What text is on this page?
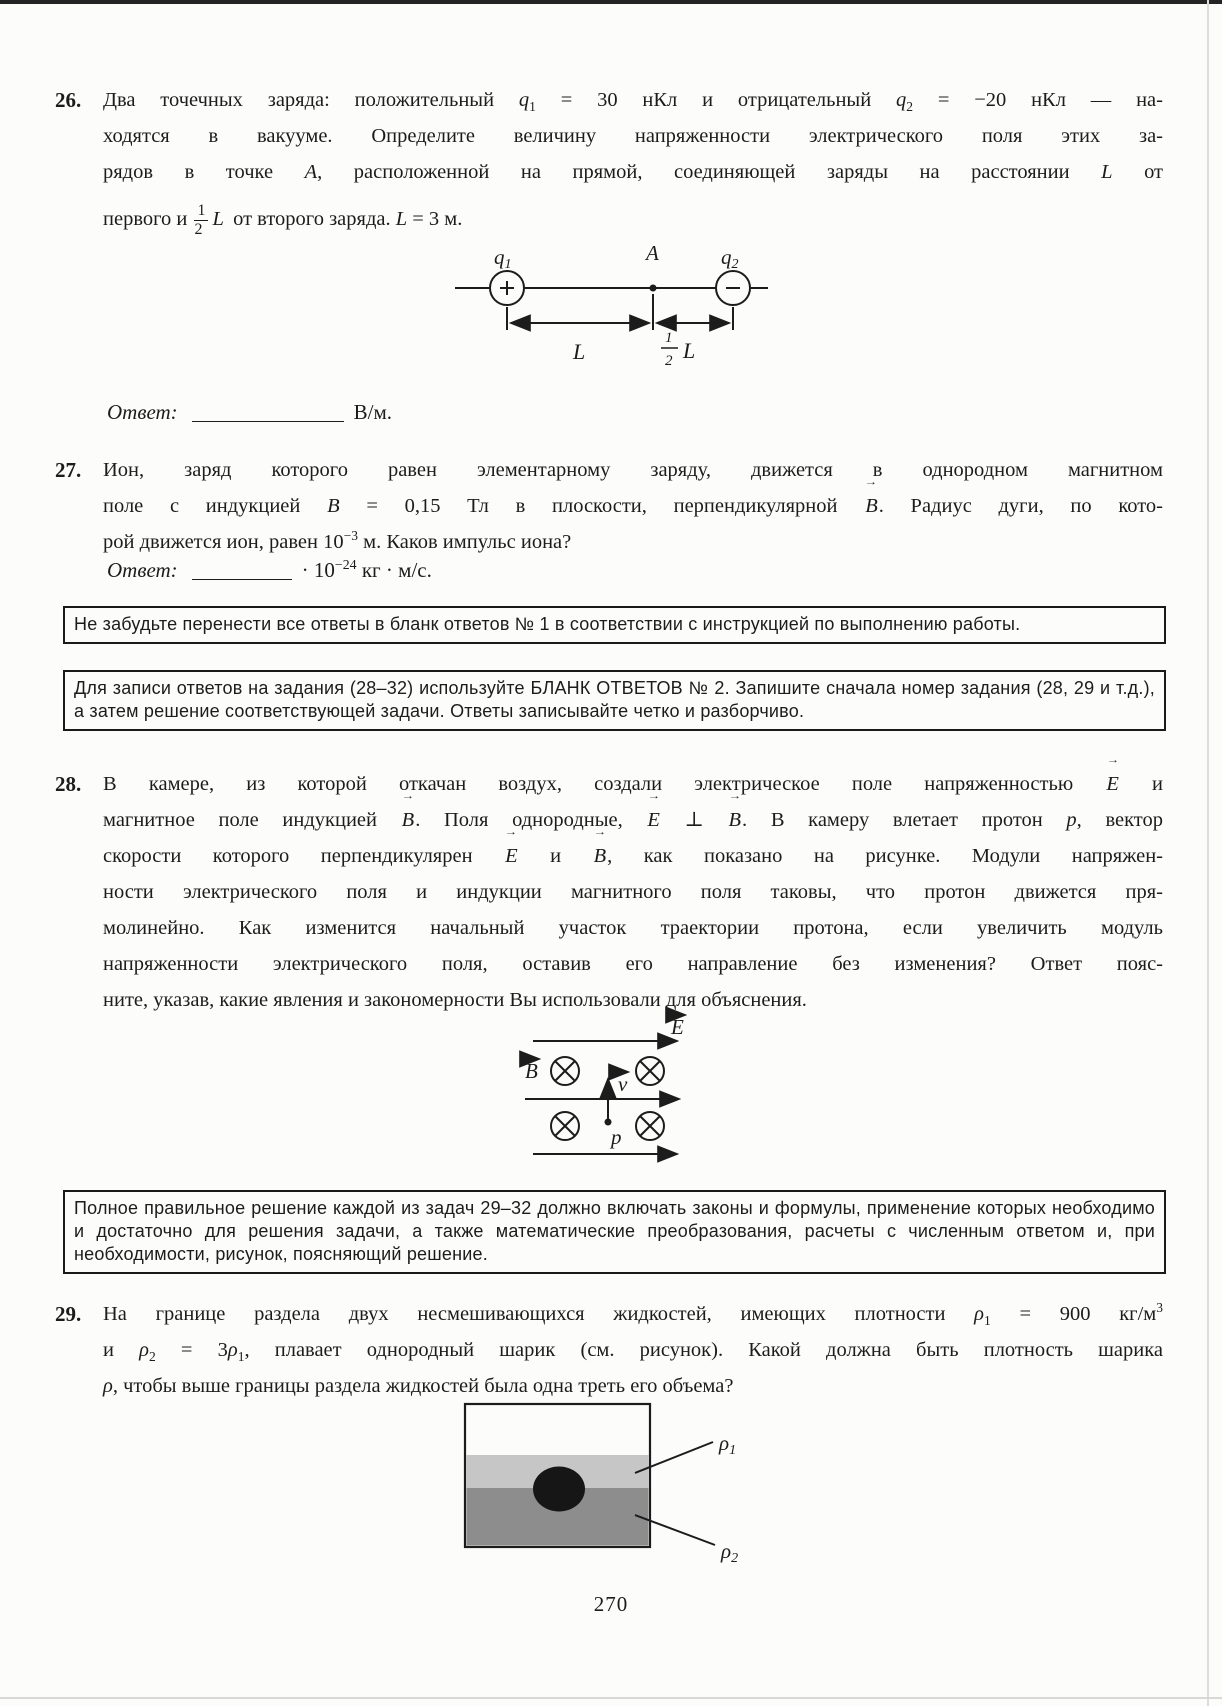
26. Два точечных заряда: положительный $q_1 = 30$ нКл и отрицательный $q_2 = -20$ нКл — на-
ходятся в вакууме. Определите величину напряженности электрического поля этих за-
рядов в точке A, расположенной на прямой, соединяющей заряды на расстоянии L от
первого и $\frac{1}{2}$ L  от второго заряда. L = 3 м.
q1	A	q2
L
1
2 L
Ответ:	В/м.
27. Ион, заряд которого равен элементарному заряду, движется в однородном магнитном
поле с индукцией B = 0,15 Тл в плоскости, перпендикулярной → B. Радиус дуги, по кото-
рой движется ион, равен $10^{-3}$ м. Каков импульс иона?
Ответ:	· $10^{-24}$ кг · м/с.
Не забудьте перенести все ответы в бланк ответов № 1 в соответствии с инструкцией по выполнению работы.
Для записи ответов на задания (28–32) используйте БЛАНК ОТВЕТОВ № 2. Запишите сначала номер задания (28, 29 и т.д.), а затем решение соответствующей задачи. Ответы записывайте четко и разборчиво.
28. В камере, из которой откачан воздух, создали электрическое поле напряженностью → E и
магнитное поле индукцией → B. Поля однородные, → E ⊥ → B. В камеру влетает протон p, вектор
скорости которого перпендикулярен → E и → B, как показано на рисунке. Модули напряжен-
ности электрического поля и индукции магнитного поля таковы, что протон движется пря-
молинейно. Как изменится начальный участок траектории протона, если увеличить модуль
напряженности электрического поля, оставив его направление без изменения? Ответ пояс-
ните, указав, какие явления и закономерности Вы использовали для объяснения.
E
B
v
p
Полное правильное решение каждой из задач 29–32 должно включать законы и формулы, применение которых необходимо и достаточно для решения задачи, а также математические преобразования, расчеты с численным ответом и, при необходимости, рисунок, поясняющий решение.
29. На границе раздела двух несмешивающихся жидкостей, имеющих плотности $\rho_1 = 900$ $кг/м^3$
и $\rho_2 = 3\rho_1$, плавает однородный шарик (см. рисунок). Какой должна быть плотность шарика
ρ, чтобы выше границы раздела жидкостей была одна треть его объема?
ρ1
ρ2
270
